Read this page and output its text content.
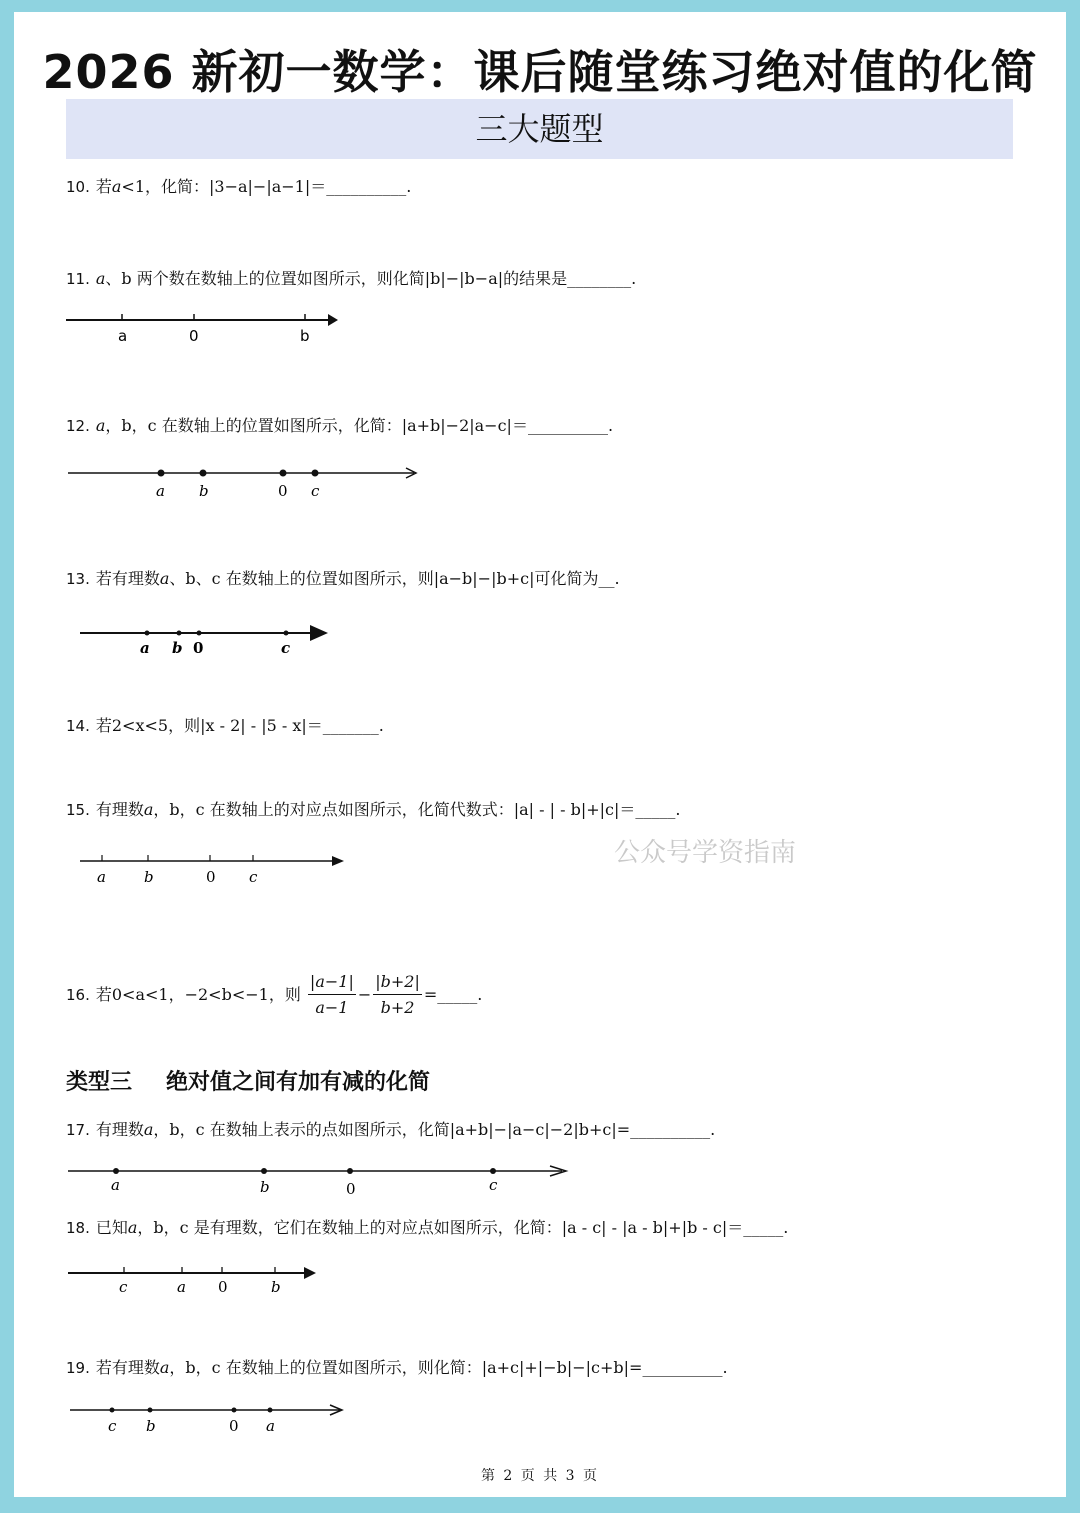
2026 新初一数学：课后随堂练习绝对值的化简
三大题型
10. 若a<1，化简：|3−a|−|a−1|＝__________.
11. a、b 两个数在数轴上的位置如图所示，则化简|b|−|b−a|的结果是________.
a	0	b
12. a，b，c 在数轴上的位置如图所示，化简：|a+b|−2|a−c|＝__________.
a b	0 c
13. 若有理数a、b、c 在数轴上的位置如图所示，则|a−b|−|b+c|可化简为__.
a b 0	c
14. 若2<x<5，则|x - 2| - |5 - x|＝_______.
15. 有理数a，b，c 在数轴上的对应点如图所示，化简代数式：|a| - | - b|+|c|＝_____.
a	b	0 c
公众号学资指南
16. 若0<a<1，−2<b<−1，则 $\frac{|a-1|}{a-1} - \frac{|b+2|}{b+2}$ =_____.
类型三 绝对值之间有加有减的化简
17. 有理数a，b，c 在数轴上表示的点如图所示，化简|a+b|−|a−c|−2|b+c|=__________.
a	b	0	c
18. 已知a，b，c 是有理数，它们在数轴上的对应点如图所示，化简：|a - c| - |a - b|+|b - c|＝_____.
c	a 0	b
19. 若有理数a，b，c 在数轴上的位置如图所示，则化简：|a+c|+|−b|−|c+b|=__________.
c b	0 a
第 2 页 共 3 页
